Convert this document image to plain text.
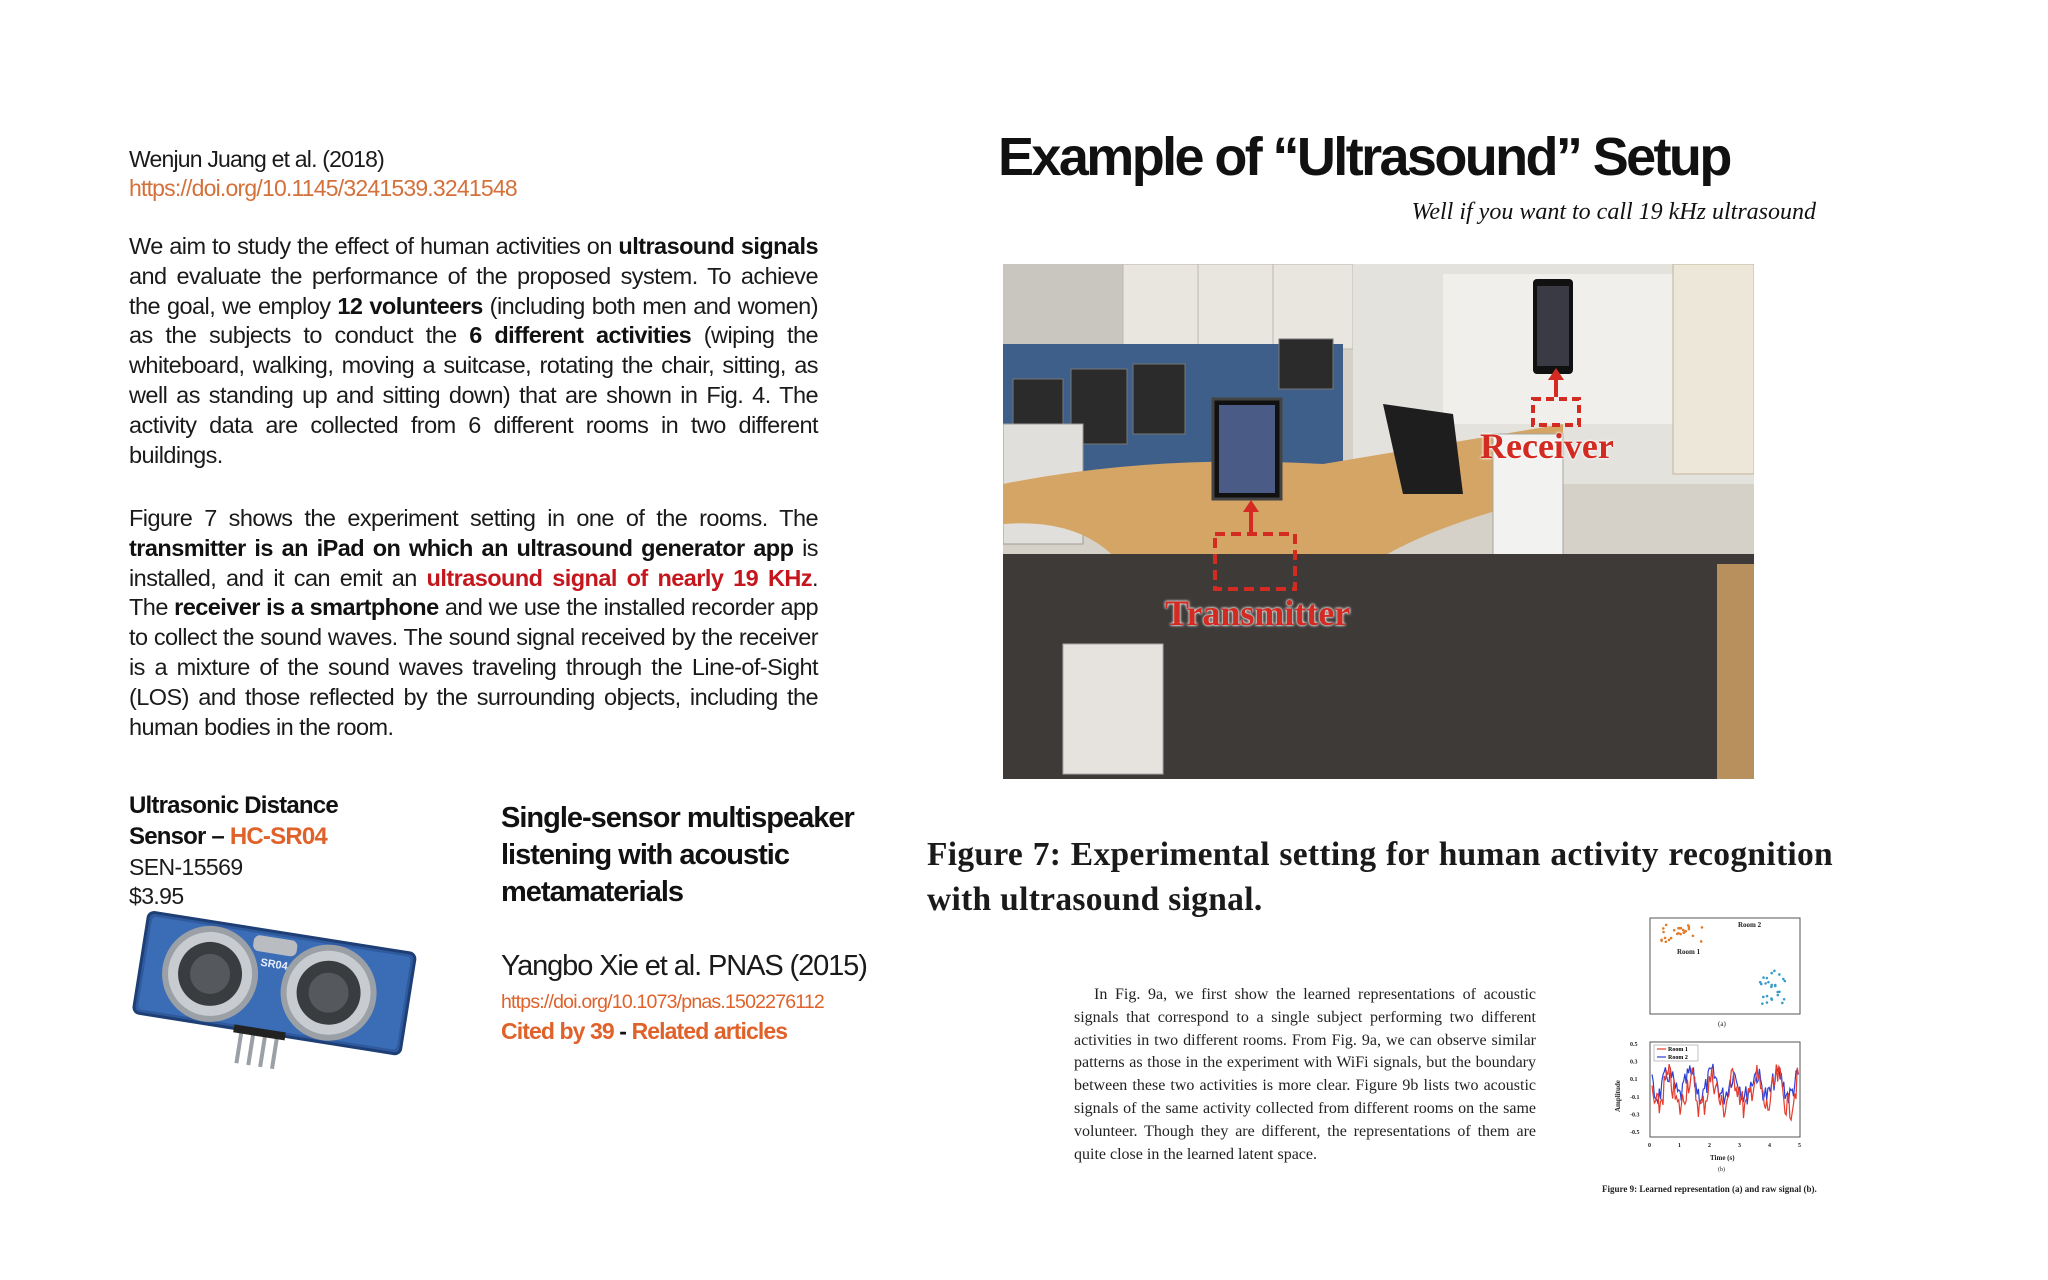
Wenjun Juang et al. (2018)
https://doi.org/10.1145/3241539.3241548
We aim to study the effect of human activities on ultrasound signals and evaluate the performance of the proposed system. To achieve the goal, we employ 12 volunteers (including both men and women) as the subjects to conduct the 6 different activities (wiping the whiteboard, walking, moving a suitcase, rotating the chair, sitting, as well as standing up and sitting down) that are shown in Fig. 4. The activity data are collected from 6 different rooms in two different buildings.
Figure 7 shows the experiment setting in one of the rooms. The transmitter is an iPad on which an ultrasound generator app is installed, and it can emit an ultrasound signal of nearly 19 KHz. The receiver is a smartphone and we use the installed recorder app to collect the sound waves. The sound signal received by the receiver is a mixture of the sound waves traveling through the Line-of-Sight (LOS) and those reflected by the surrounding objects, including the human bodies in the room.
Ultrasonic Distance
Sensor – HC-SR04
SEN-15569
$3.95
SR04
Single-sensor multispeaker listening with acoustic metamaterials
Yangbo Xie et al. PNAS (2015)
https://doi.org/10.1073/pnas.1502276112
Cited by 39 - Related articles
Example of “Ultrasound” Setup
Well if you want to call 19 kHz ultrasound
Receiver
Transmitter
Figure 7: Experimental setting for human activity recognition with ultrasound signal.

In Fig. 9a, we first show the learned representations of acoustic signals that correspond to a single subject performing two different activities in two different rooms. From Fig. 9a, we can observe similar patterns as those in the experiment with WiFi signals, but the boundary between these two activities is more clear. Figure 9b lists two acoustic signals of the same activity collected from different rooms on the same volunteer. Though they are different, the representations of them are quite close in the learned latent space.

Room 2
Room 1
(a)
Room 1
Room 2
0.5
0.3
0.1
-0.1
-0.3
-0.5
0	1	2	3	4	5
Amplitude
Time (s)
(b)
Figure 9: Learned representation (a) and raw signal (b).
